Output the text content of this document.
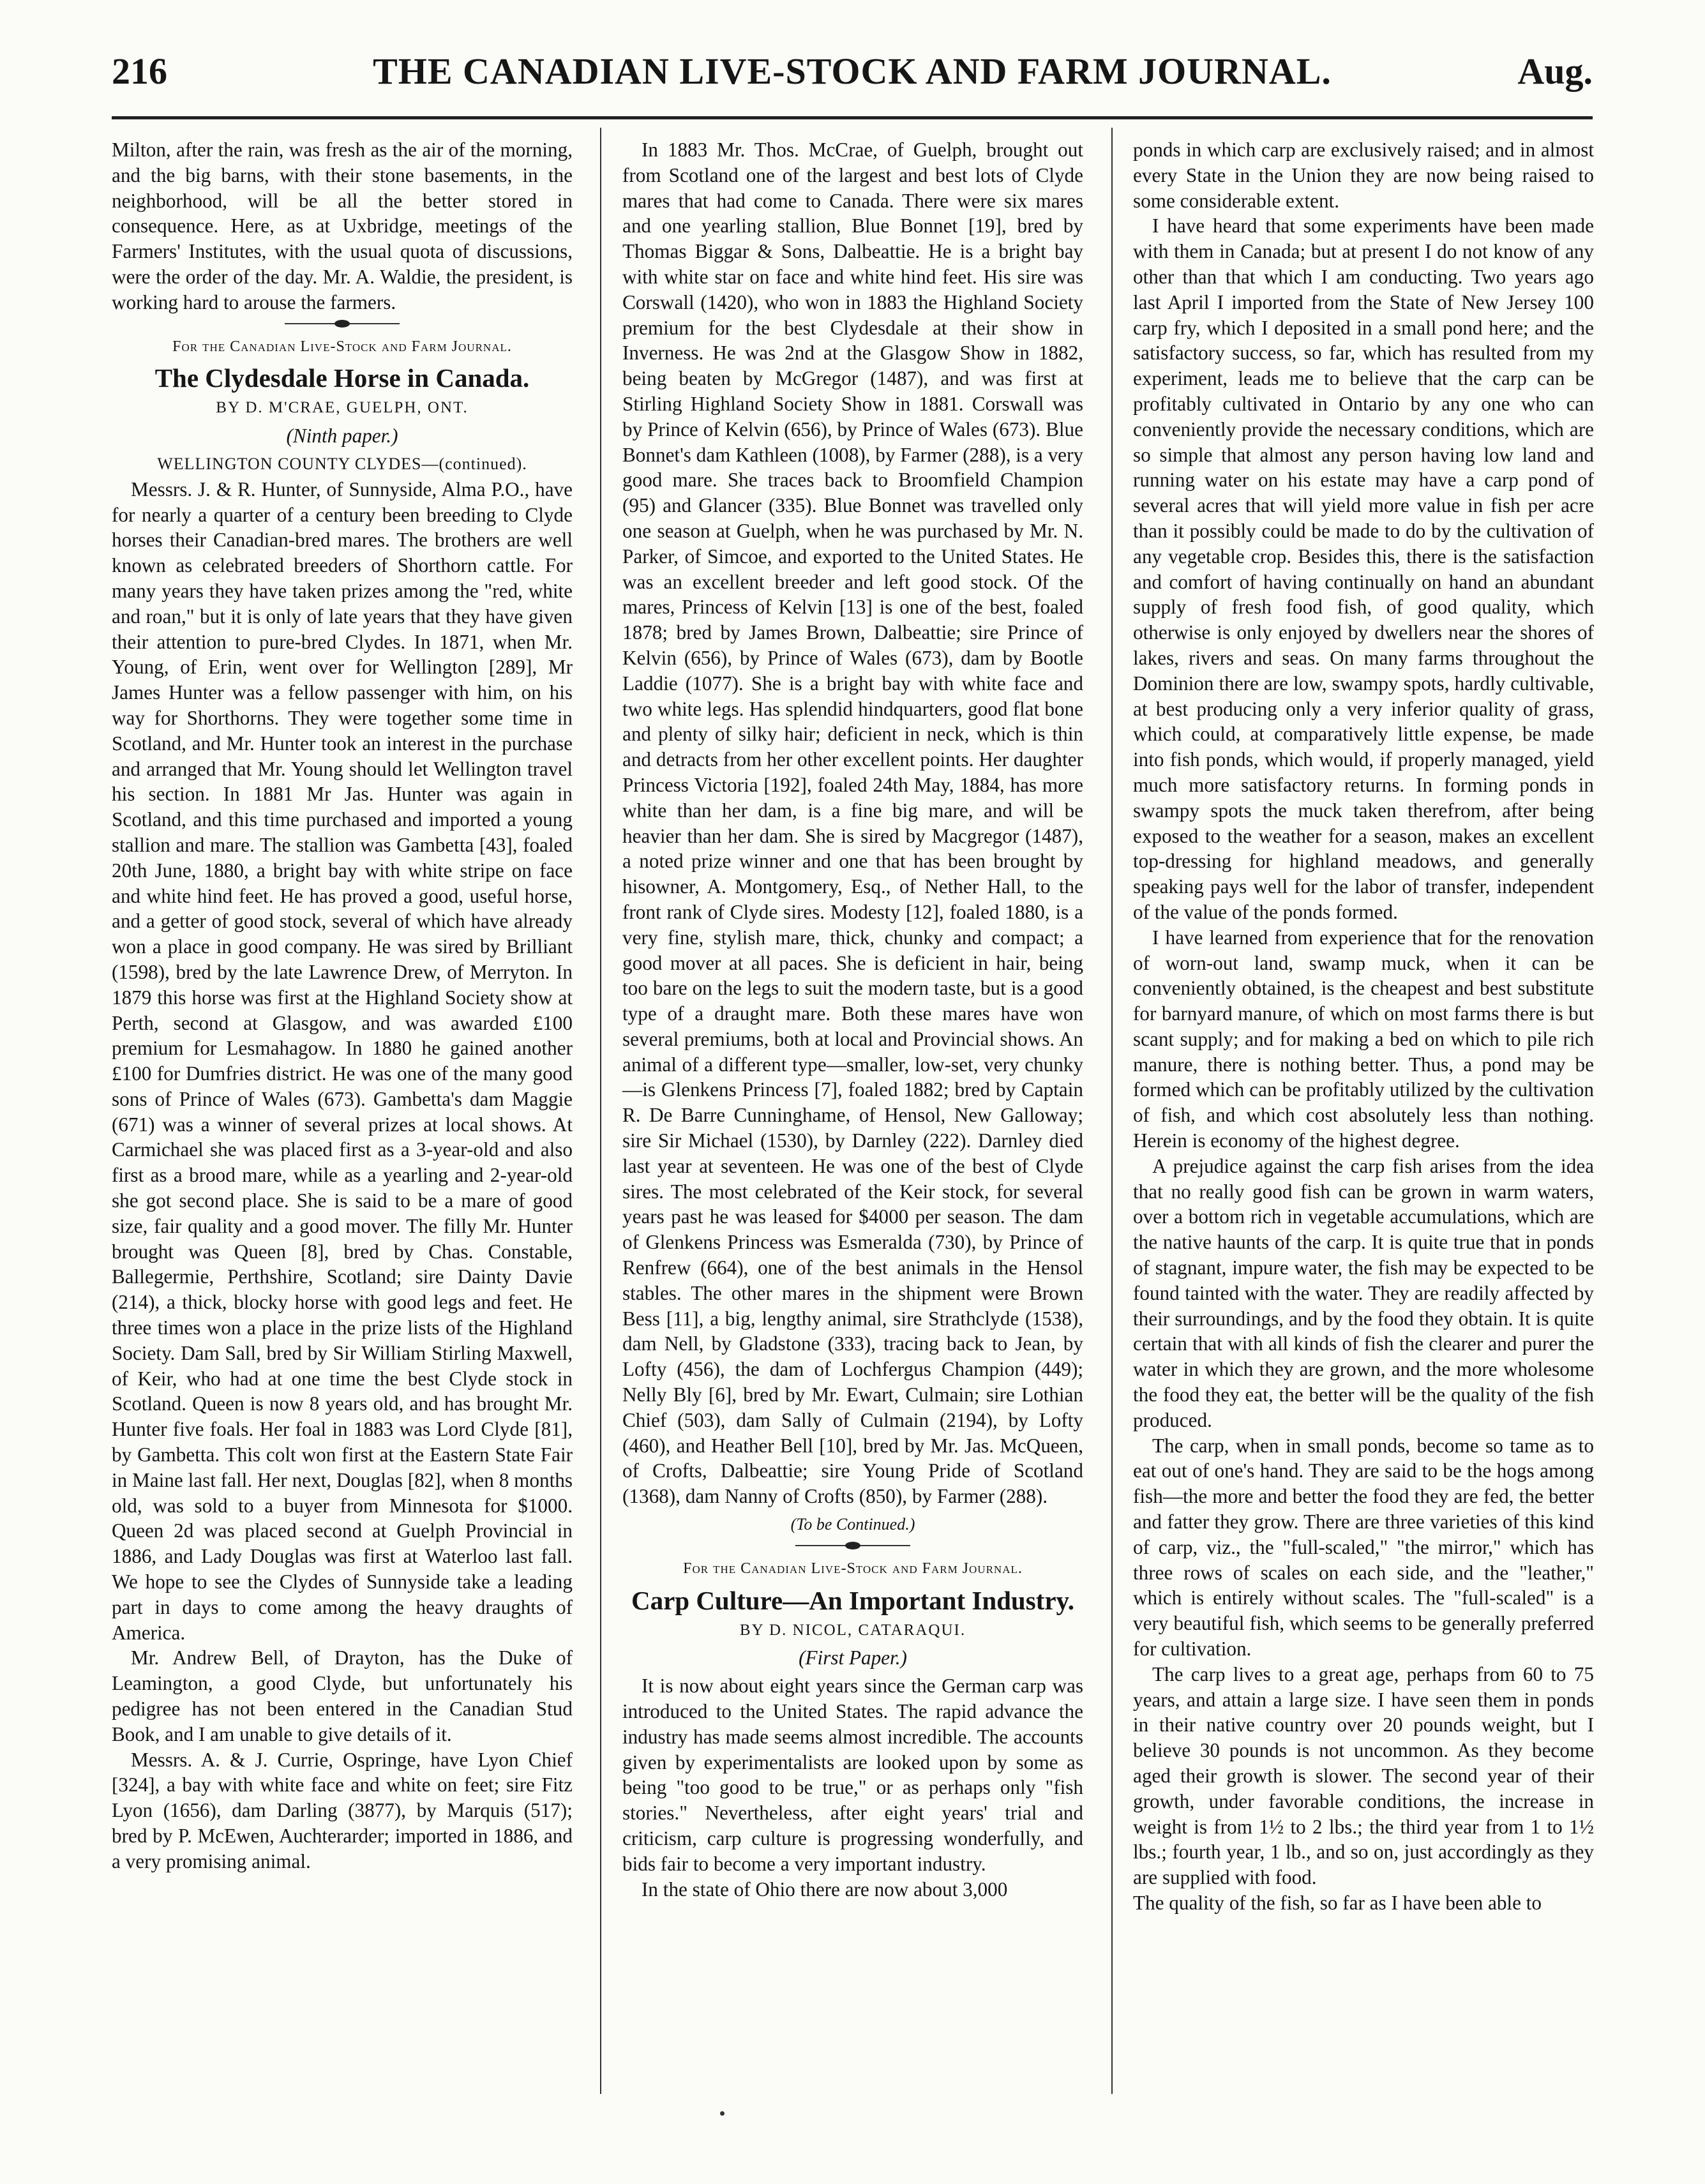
216	THE CANADIAN LIVE-STOCK AND FARM JOURNAL.	Aug.

Milton, after the rain, was fresh as the air of the morning, and the big barns, with their stone basements, in the neighborhood, will be all the better stored in consequence. Here, as at Uxbridge, meetings of the Farmers' Institutes, with the usual quota of discussions, were the order of the day. Mr. A. Waldie, the president, is working hard to arouse the farmers.

For the Canadian Live-Stock and Farm Journal.
The Clydesdale Horse in Canada.
BY D. M'CRAE, GUELPH, ONT.
(Ninth paper.)
WELLINGTON COUNTY CLYDES—(continued).

Messrs. J. & R. Hunter, of Sunnyside, Alma P.O., have for nearly a quarter of a century been breeding to Clyde horses their Canadian-bred mares. The brothers are well known as celebrated breeders of Shorthorn cattle. For many years they have taken prizes among the "red, white and roan," but it is only of late years that they have given their attention to pure-bred Clydes. In 1871, when Mr. Young, of Erin, went over for Wellington [289], Mr James Hunter was a fellow passenger with him, on his way for Shorthorns. They were together some time in Scotland, and Mr. Hunter took an interest in the purchase and arranged that Mr. Young should let Wellington travel his section. In 1881 Mr Jas. Hunter was again in Scotland, and this time purchased and imported a young stallion and mare. The stallion was Gambetta [43], foaled 20th June, 1880, a bright bay with white stripe on face and white hind feet. He has proved a good, useful horse, and a getter of good stock, several of which have already won a place in good company. He was sired by Brilliant (1598), bred by the late Lawrence Drew, of Merryton. In 1879 this horse was first at the Highland Society show at Perth, second at Glasgow, and was awarded £100 premium for Lesmahagow. In 1880 he gained another £100 for Dumfries district. He was one of the many good sons of Prince of Wales (673). Gambetta's dam Maggie (671) was a winner of several prizes at local shows. At Carmichael she was placed first as a 3-year-old and also first as a brood mare, while as a yearling and 2-year-old she got second place. She is said to be a mare of good size, fair quality and a good mover. The filly Mr. Hunter brought was Queen [8], bred by Chas. Constable, Ballegermie, Perthshire, Scotland; sire Dainty Davie (214), a thick, blocky horse with good legs and feet. He three times won a place in the prize lists of the Highland Society. Dam Sall, bred by Sir William Stirling Maxwell, of Keir, who had at one time the best Clyde stock in Scotland. Queen is now 8 years old, and has brought Mr. Hunter five foals. Her foal in 1883 was Lord Clyde [81], by Gambetta. This colt won first at the Eastern State Fair in Maine last fall. Her next, Douglas [82], when 8 months old, was sold to a buyer from Minnesota for $1000. Queen 2d was placed second at Guelph Provincial in 1886, and Lady Douglas was first at Waterloo last fall. We hope to see the Clydes of Sunnyside take a leading part in days to come among the heavy draughts of America.

Mr. Andrew Bell, of Drayton, has the Duke of Leamington, a good Clyde, but unfortunately his pedigree has not been entered in the Canadian Stud Book, and I am unable to give details of it.

Messrs. A. & J. Currie, Ospringe, have Lyon Chief [324], a bay with white face and white on feet; sire Fitz Lyon (1656), dam Darling (3877), by Marquis (517); bred by P. McEwen, Auchterarder; imported in 1886, and a very promising animal.

In 1883 Mr. Thos. McCrae, of Guelph, brought out from Scotland one of the largest and best lots of Clyde mares that had come to Canada. There were six mares and one yearling stallion, Blue Bonnet [19], bred by Thomas Biggar & Sons, Dalbeattie. He is a bright bay with white star on face and white hind feet. His sire was Corswall (1420), who won in 1883 the Highland Society premium for the best Clydesdale at their show in Inverness. He was 2nd at the Glasgow Show in 1882, being beaten by McGregor (1487), and was first at Stirling Highland Society Show in 1881. Corswall was by Prince of Kelvin (656), by Prince of Wales (673). Blue Bonnet's dam Kathleen (1008), by Farmer (288), is a very good mare. She traces back to Broomfield Champion (95) and Glancer (335). Blue Bonnet was travelled only one season at Guelph, when he was purchased by Mr. N. Parker, of Simcoe, and exported to the United States. He was an excellent breeder and left good stock. Of the mares, Princess of Kelvin [13] is one of the best, foaled 1878; bred by James Brown, Dalbeattie; sire Prince of Kelvin (656), by Prince of Wales (673), dam by Bootle Laddie (1077). She is a bright bay with white face and two white legs. Has splendid hindquarters, good flat bone and plenty of silky hair; deficient in neck, which is thin and detracts from her other excellent points. Her daughter Princess Victoria [192], foaled 24th May, 1884, has more white than her dam, is a fine big mare, and will be heavier than her dam. She is sired by Macgregor (1487), a noted prize winner and one that has been brought by hisowner, A. Montgomery, Esq., of Nether Hall, to the front rank of Clyde sires. Modesty [12], foaled 1880, is a very fine, stylish mare, thick, chunky and compact; a good mover at all paces. She is deficient in hair, being too bare on the legs to suit the modern taste, but is a good type of a draught mare. Both these mares have won several premiums, both at local and Provincial shows. An animal of a different type—smaller, low-set, very chunky—is Glenkens Princess [7], foaled 1882; bred by Captain R. De Barre Cunninghame, of Hensol, New Galloway; sire Sir Michael (1530), by Darnley (222). Darnley died last year at seventeen. He was one of the best of Clyde sires. The most celebrated of the Keir stock, for several years past he was leased for $4000 per season. The dam of Glenkens Princess was Esmeralda (730), by Prince of Renfrew (664), one of the best animals in the Hensol stables. The other mares in the shipment were Brown Bess [11], a big, lengthy animal, sire Strathclyde (1538), dam Nell, by Gladstone (333), tracing back to Jean, by Lofty (456), the dam of Lochfergus Champion (449); Nelly Bly [6], bred by Mr. Ewart, Culmain; sire Lothian Chief (503), dam Sally of Culmain (2194), by Lofty (460), and Heather Bell [10], bred by Mr. Jas. McQueen, of Crofts, Dalbeattie; sire Young Pride of Scotland (1368), dam Nanny of Crofts (850), by Farmer (288).

(To be Continued.)
For the Canadian Live-Stock and Farm Journal.
Carp Culture—An Important Industry.
BY D. NICOL, CATARAQUI.
(First Paper.)

It is now about eight years since the German carp was introduced to the United States. The rapid advance the industry has made seems almost incredible. The accounts given by experimentalists are looked upon by some as being "too good to be true," or as perhaps only "fish stories." Nevertheless, after eight years' trial and criticism, carp culture is progressing wonderfully, and bids fair to become a very important industry.

In the state of Ohio there are now about 3,000

ponds in which carp are exclusively raised; and in almost every State in the Union they are now being raised to some considerable extent.

I have heard that some experiments have been made with them in Canada; but at present I do not know of any other than that which I am conducting. Two years ago last April I imported from the State of New Jersey 100 carp fry, which I deposited in a small pond here; and the satisfactory success, so far, which has resulted from my experiment, leads me to believe that the carp can be profitably cultivated in Ontario by any one who can conveniently provide the necessary conditions, which are so simple that almost any person having low land and running water on his estate may have a carp pond of several acres that will yield more value in fish per acre than it possibly could be made to do by the cultivation of any vegetable crop. Besides this, there is the satisfaction and comfort of having continually on hand an abundant supply of fresh food fish, of good quality, which otherwise is only enjoyed by dwellers near the shores of lakes, rivers and seas. On many farms throughout the Dominion there are low, swampy spots, hardly cultivable, at best producing only a very inferior quality of grass, which could, at comparatively little expense, be made into fish ponds, which would, if properly managed, yield much more satisfactory returns. In forming ponds in swampy spots the muck taken therefrom, after being exposed to the weather for a season, makes an excellent top-dressing for highland meadows, and generally speaking pays well for the labor of transfer, independent of the value of the ponds formed.

I have learned from experience that for the renovation of worn-out land, swamp muck, when it can be conveniently obtained, is the cheapest and best substitute for barnyard manure, of which on most farms there is but scant supply; and for making a bed on which to pile rich manure, there is nothing better. Thus, a pond may be formed which can be profitably utilized by the cultivation of fish, and which cost absolutely less than nothing. Herein is economy of the highest degree.

A prejudice against the carp fish arises from the idea that no really good fish can be grown in warm waters, over a bottom rich in vegetable accumulations, which are the native haunts of the carp. It is quite true that in ponds of stagnant, impure water, the fish may be expected to be found tainted with the water. They are readily affected by their surroundings, and by the food they obtain. It is quite certain that with all kinds of fish the clearer and purer the water in which they are grown, and the more wholesome the food they eat, the better will be the quality of the fish produced.

The carp, when in small ponds, become so tame as to eat out of one's hand. They are said to be the hogs among fish—the more and better the food they are fed, the better and fatter they grow. There are three varieties of this kind of carp, viz., the "full-scaled," "the mirror," which has three rows of scales on each side, and the "leather," which is entirely without scales. The "full-scaled" is a very beautiful fish, which seems to be generally preferred for cultivation.

The carp lives to a great age, perhaps from 60 to 75 years, and attain a large size. I have seen them in ponds in their native country over 20 pounds weight, but I believe 30 pounds is not uncommon. As they become aged their growth is slower. The second year of their growth, under favorable conditions, the increase in weight is from 1½ to 2 lbs.; the third year from 1 to 1½ lbs.; fourth year, 1 lb., and so on, just accordingly as they are supplied with food.

The quality of the fish, so far as I have been able to
